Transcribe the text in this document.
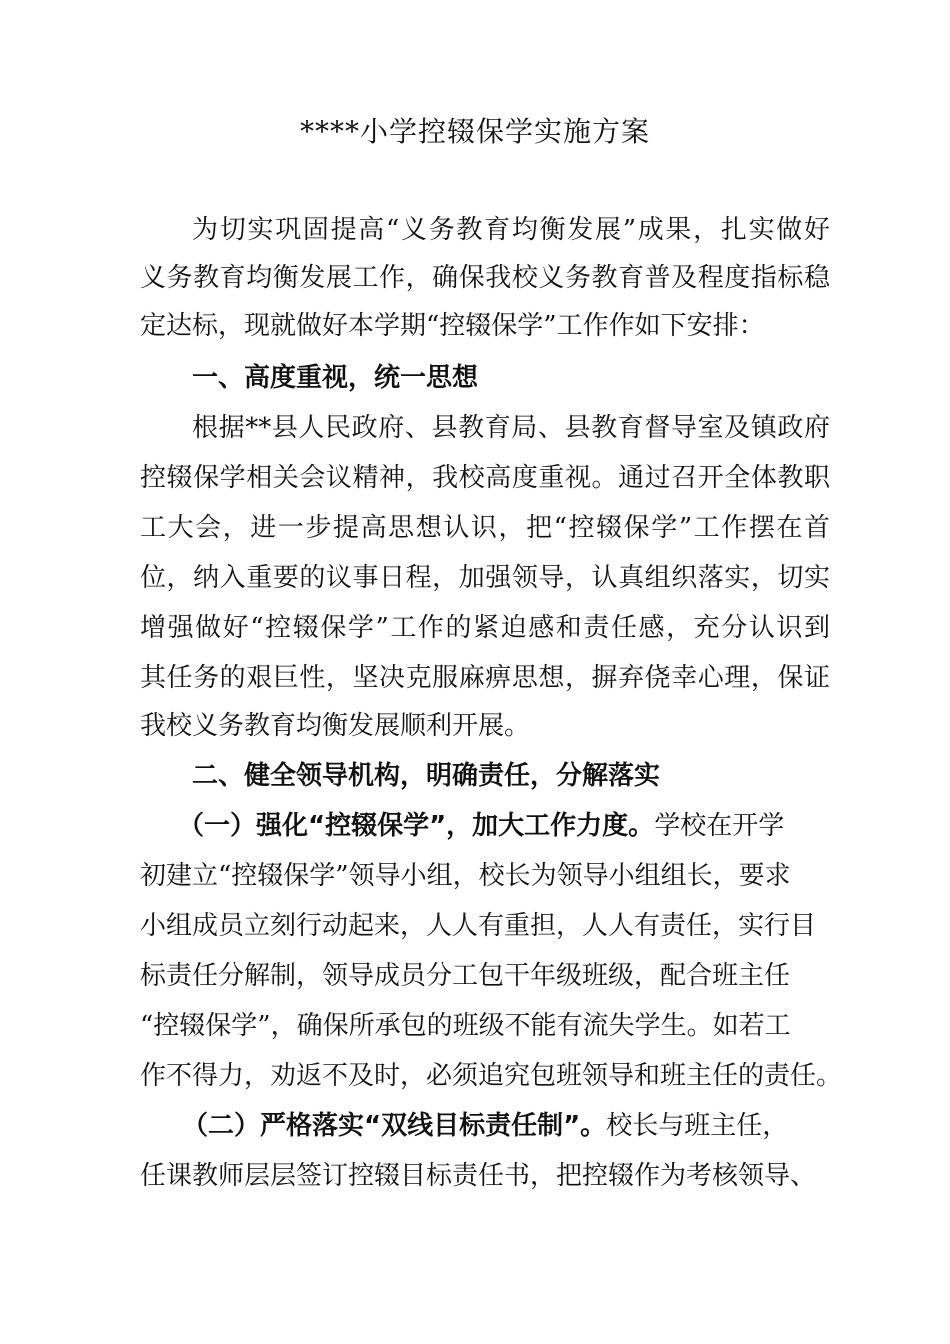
****小学控辍保学实施方案
为切实巩固提高“义务教育均衡发展”成果，扎实做好
义务教育均衡发展工作，确保我校义务教育普及程度指标稳
定达标，现就做好本学期“控辍保学”工作作如下安排：
一、高度重视，统一思想
根据**县人民政府、县教育局、县教育督导室及镇政府
控辍保学相关会议精神，我校高度重视。通过召开全体教职
工大会，进一步提高思想认识，把“控辍保学”工作摆在首
位，纳入重要的议事日程，加强领导，认真组织落实，切实
增强做好“控辍保学”工作的紧迫感和责任感，充分认识到
其任务的艰巨性，坚决克服麻痹思想，摒弃侥幸心理，保证
我校义务教育均衡发展顺利开展。
二、健全领导机构，明确责任，分解落实
（一）强化“控辍保学”，加大工作力度。学校在开学
初建立“控辍保学”领导小组，校长为领导小组组长，要求
小组成员立刻行动起来，人人有重担，人人有责任，实行目
标责任分解制，领导成员分工包干年级班级，配合班主任
“控辍保学”，确保所承包的班级不能有流失学生。如若工
作不得力，劝返不及时，必须追究包班领导和班主任的责任。
（二）严格落实“双线目标责任制”。校长与班主任，
任课教师层层签订控辍目标责任书，把控辍作为考核领导、
